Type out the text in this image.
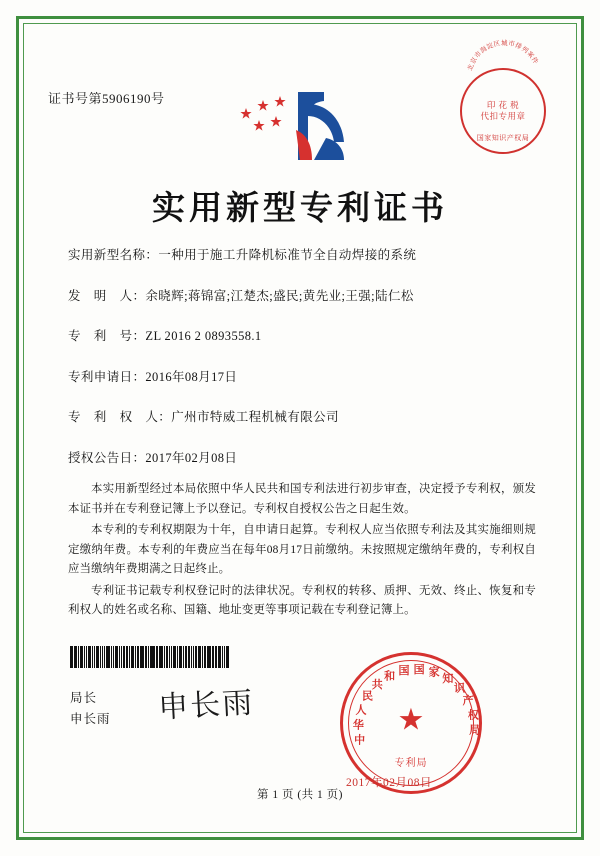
证书号第5906190号
北
京
市
海
淀
区 城 市
排
列
案
件
印 花 税
代扣专用章
国家知识产权局
实用新型专利证书
实用新型名称：一种用于施工升降机标准节全自动焊接的系统
发　明　人：余晓辉;蒋锦富;江楚杰;盛民;黄先业;王强;陆仁松
专　利　号：ZL 2016 2 0893558.1
专利申请日：2016年08月17日
专　利　权　人：广州市特威工程机械有限公司
授权公告日：2017年02月08日

本实用新型经过本局依照中华人民共和国专利法进行初步审查，决定授予专利权，颁发本证书并在专利登记簿上予以登记。专利权自授权公告之日起生效。

本专利的专利权期限为十年，自申请日起算。专利权人应当依照专利法及其实施细则规定缴纳年费。本专利的年费应当在每年08月17日前缴纳。未按照规定缴纳年费的，专利权自应当缴纳年费期满之日起终止。

专利证书记载专利权登记时的法律状况。专利权的转移、质押、无效、终止、恢复和专利权人的姓名或名称、国籍、地址变更等事项记载在专利登记簿上。

局长
申长雨 申长雨
中
华
人
民
共
和 国 国 家
知
识
产
权
局
★
专利局
2017年02月08日
第 1 页 (共 1 页)
